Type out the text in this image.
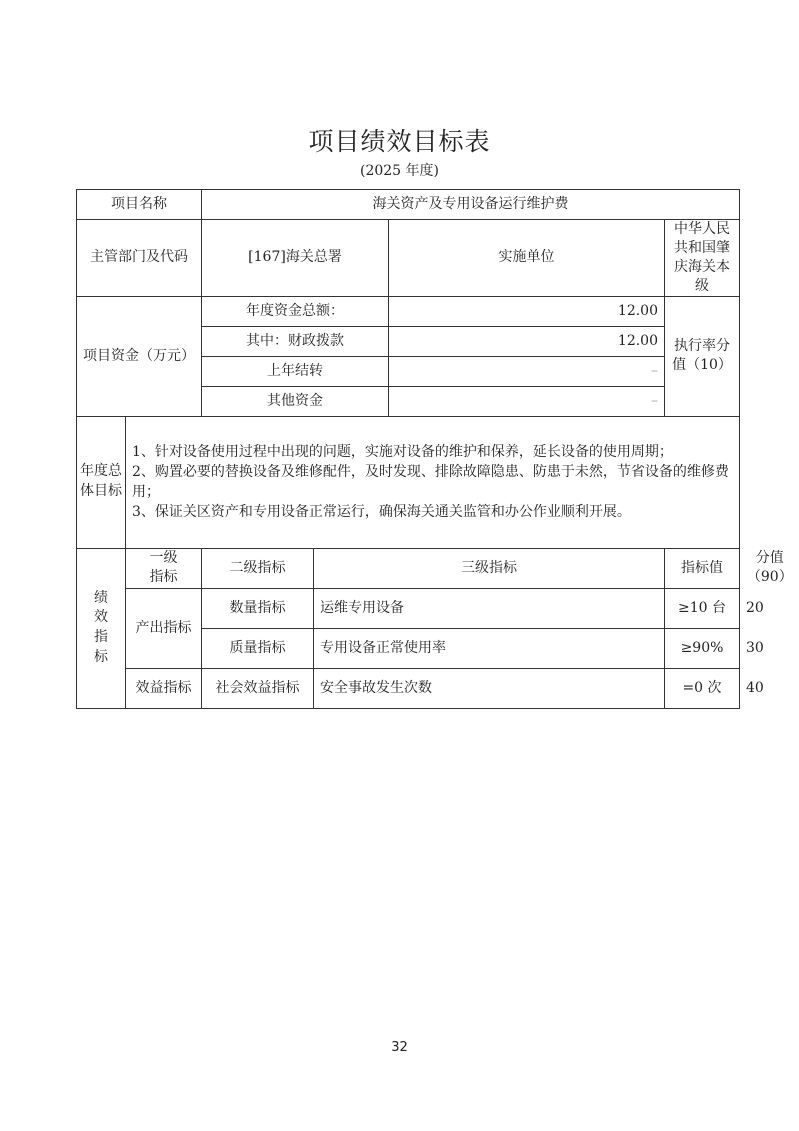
项目绩效目标表
(2025 年度)
项目名称		海关资产及专用设备运行维护费				
主管部门及代码		[167]海关总署		实施单位	中华人民共和国肇庆海关本级	
项目资金（万元）		年度资金总额：		12.00	执行率分值（10）	
		其中：财政拨款		12.00		
		上年结转		–		
		其他资金		–		
年度总体目标	1、针对设备使用过程中出现的问题，实施对设备的维护和保养，延长设备的使用周期；
2、购置必要的替换设备及维修配件，及时发现、排除故障隐患、防患于未然，节省设备的维修费用；
3、保证关区资产和专用设备正常运行，确保海关通关监管和办公作业顺利开展。					

绩效指标	一级指标	二级指标	三级指标		指标值	分值（90）

	产出指标	数量指标	运维专用设备		≥10 台	20
		质量指标	专用设备正常使用率		≥90%	30
	效益指标	社会效益指标	安全事故发生次数		=0 次	40
32
